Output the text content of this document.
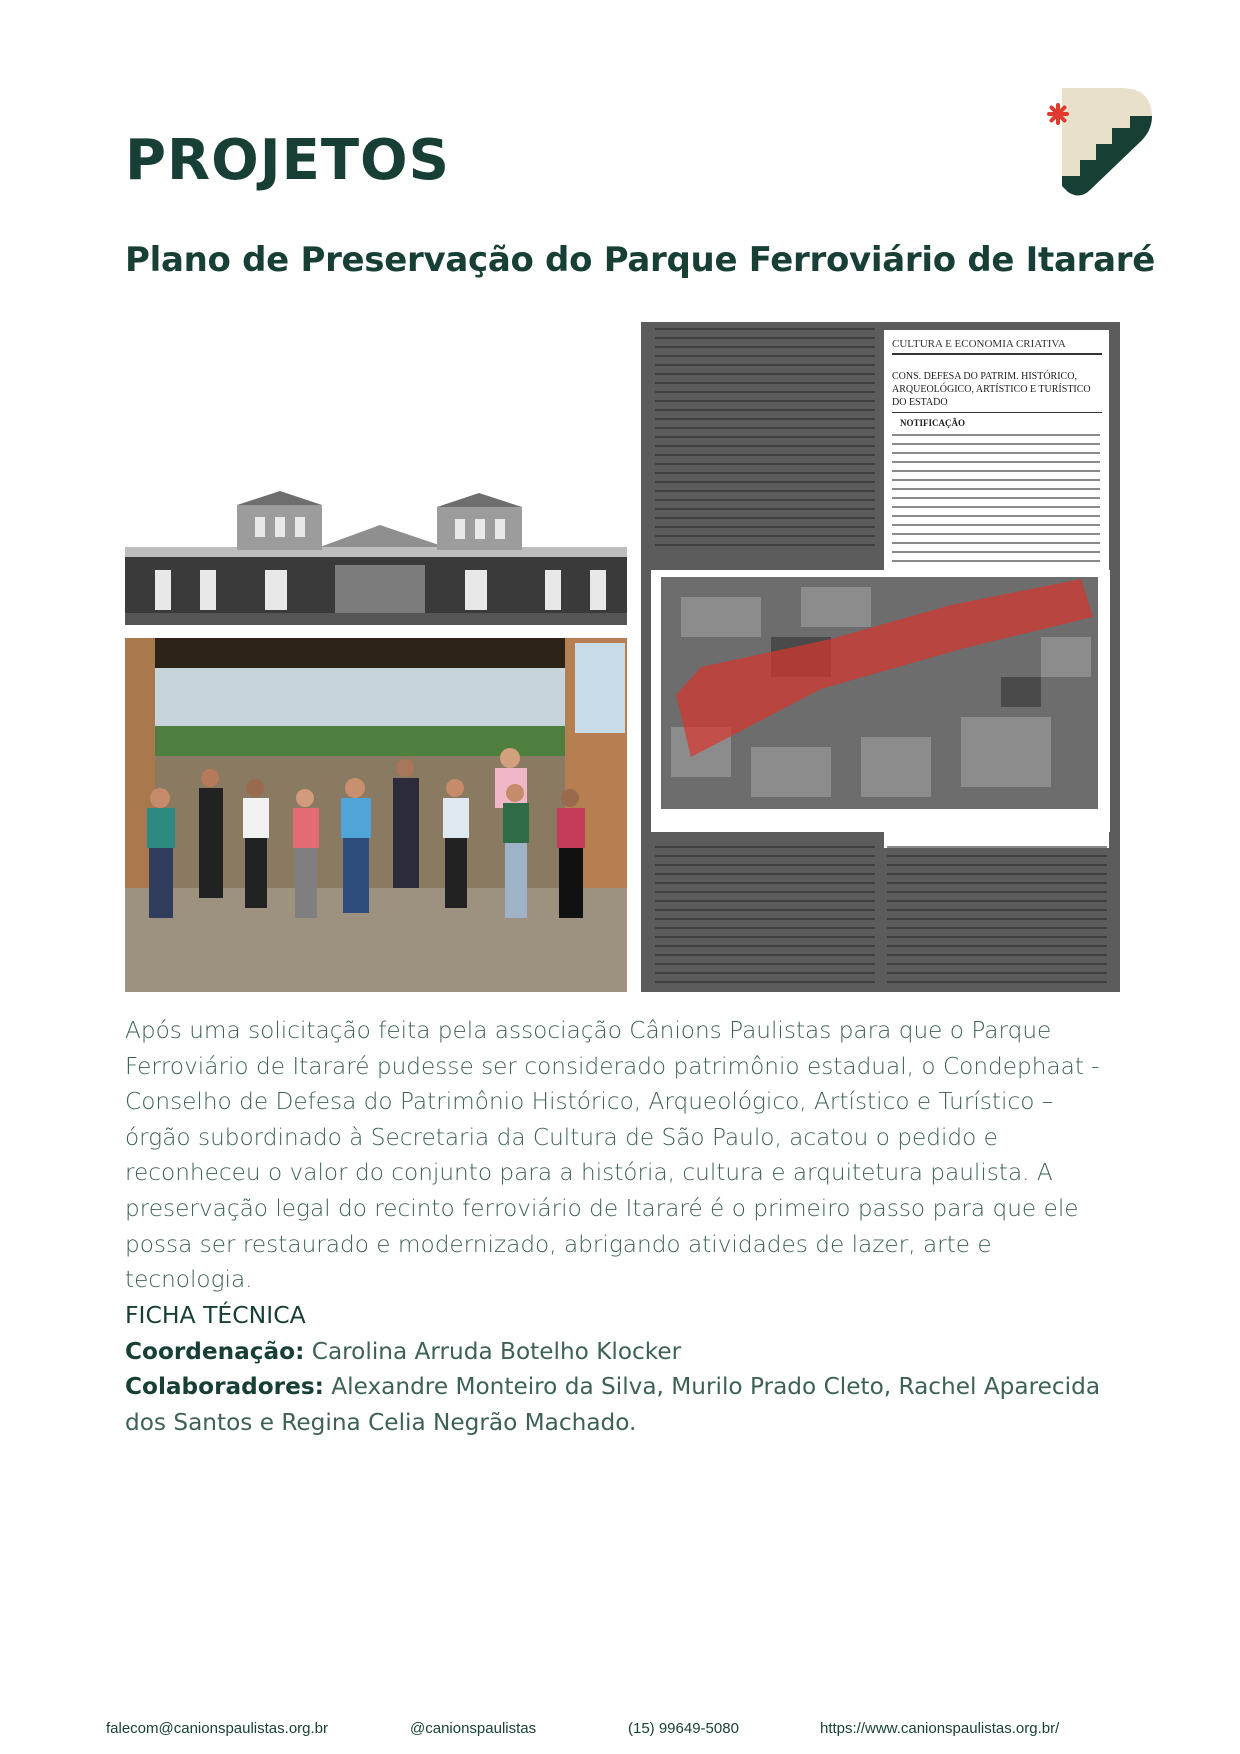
PROJETOS
Plano de Preservação do Parque Ferroviário de Itararé
CULTURA E ECONOMIA CRIATIVA
CONS. DEFESA DO PATRIM. HISTÓRICO, ARQUEOLÓGICO, ARTÍSTICO E TURÍSTICO DO ESTADO
NOTIFICAÇÃO

Após uma solicitação feita pela associação Cânions Paulistas para que o Parque Ferroviário de Itararé pudesse ser considerado patrimônio estadual, o Condephaat - Conselho de Defesa do Patrimônio Histórico, Arqueológico, Artístico e Turístico – órgão subordinado à Secretaria da Cultura de São Paulo, acatou o pedido e reconheceu o valor do conjunto para a história, cultura e arquitetura paulista. A preservação legal do recinto ferroviário de Itararé é o primeiro passo para que ele possa ser restaurado e modernizado, abrigando atividades de lazer, arte e tecnologia.

FICHA TÉCNICA
Coordenação: Carolina Arruda Botelho Klocker
Colaboradores: Alexandre Monteiro da Silva, Murilo Prado Cleto, Rachel Aparecida dos Santos e Regina Celia Negrão Machado.
falecom@canionspaulistas.org.br	@canionspaulistas	(15) 99649-5080	https://www.canionspaulistas.org.br/
